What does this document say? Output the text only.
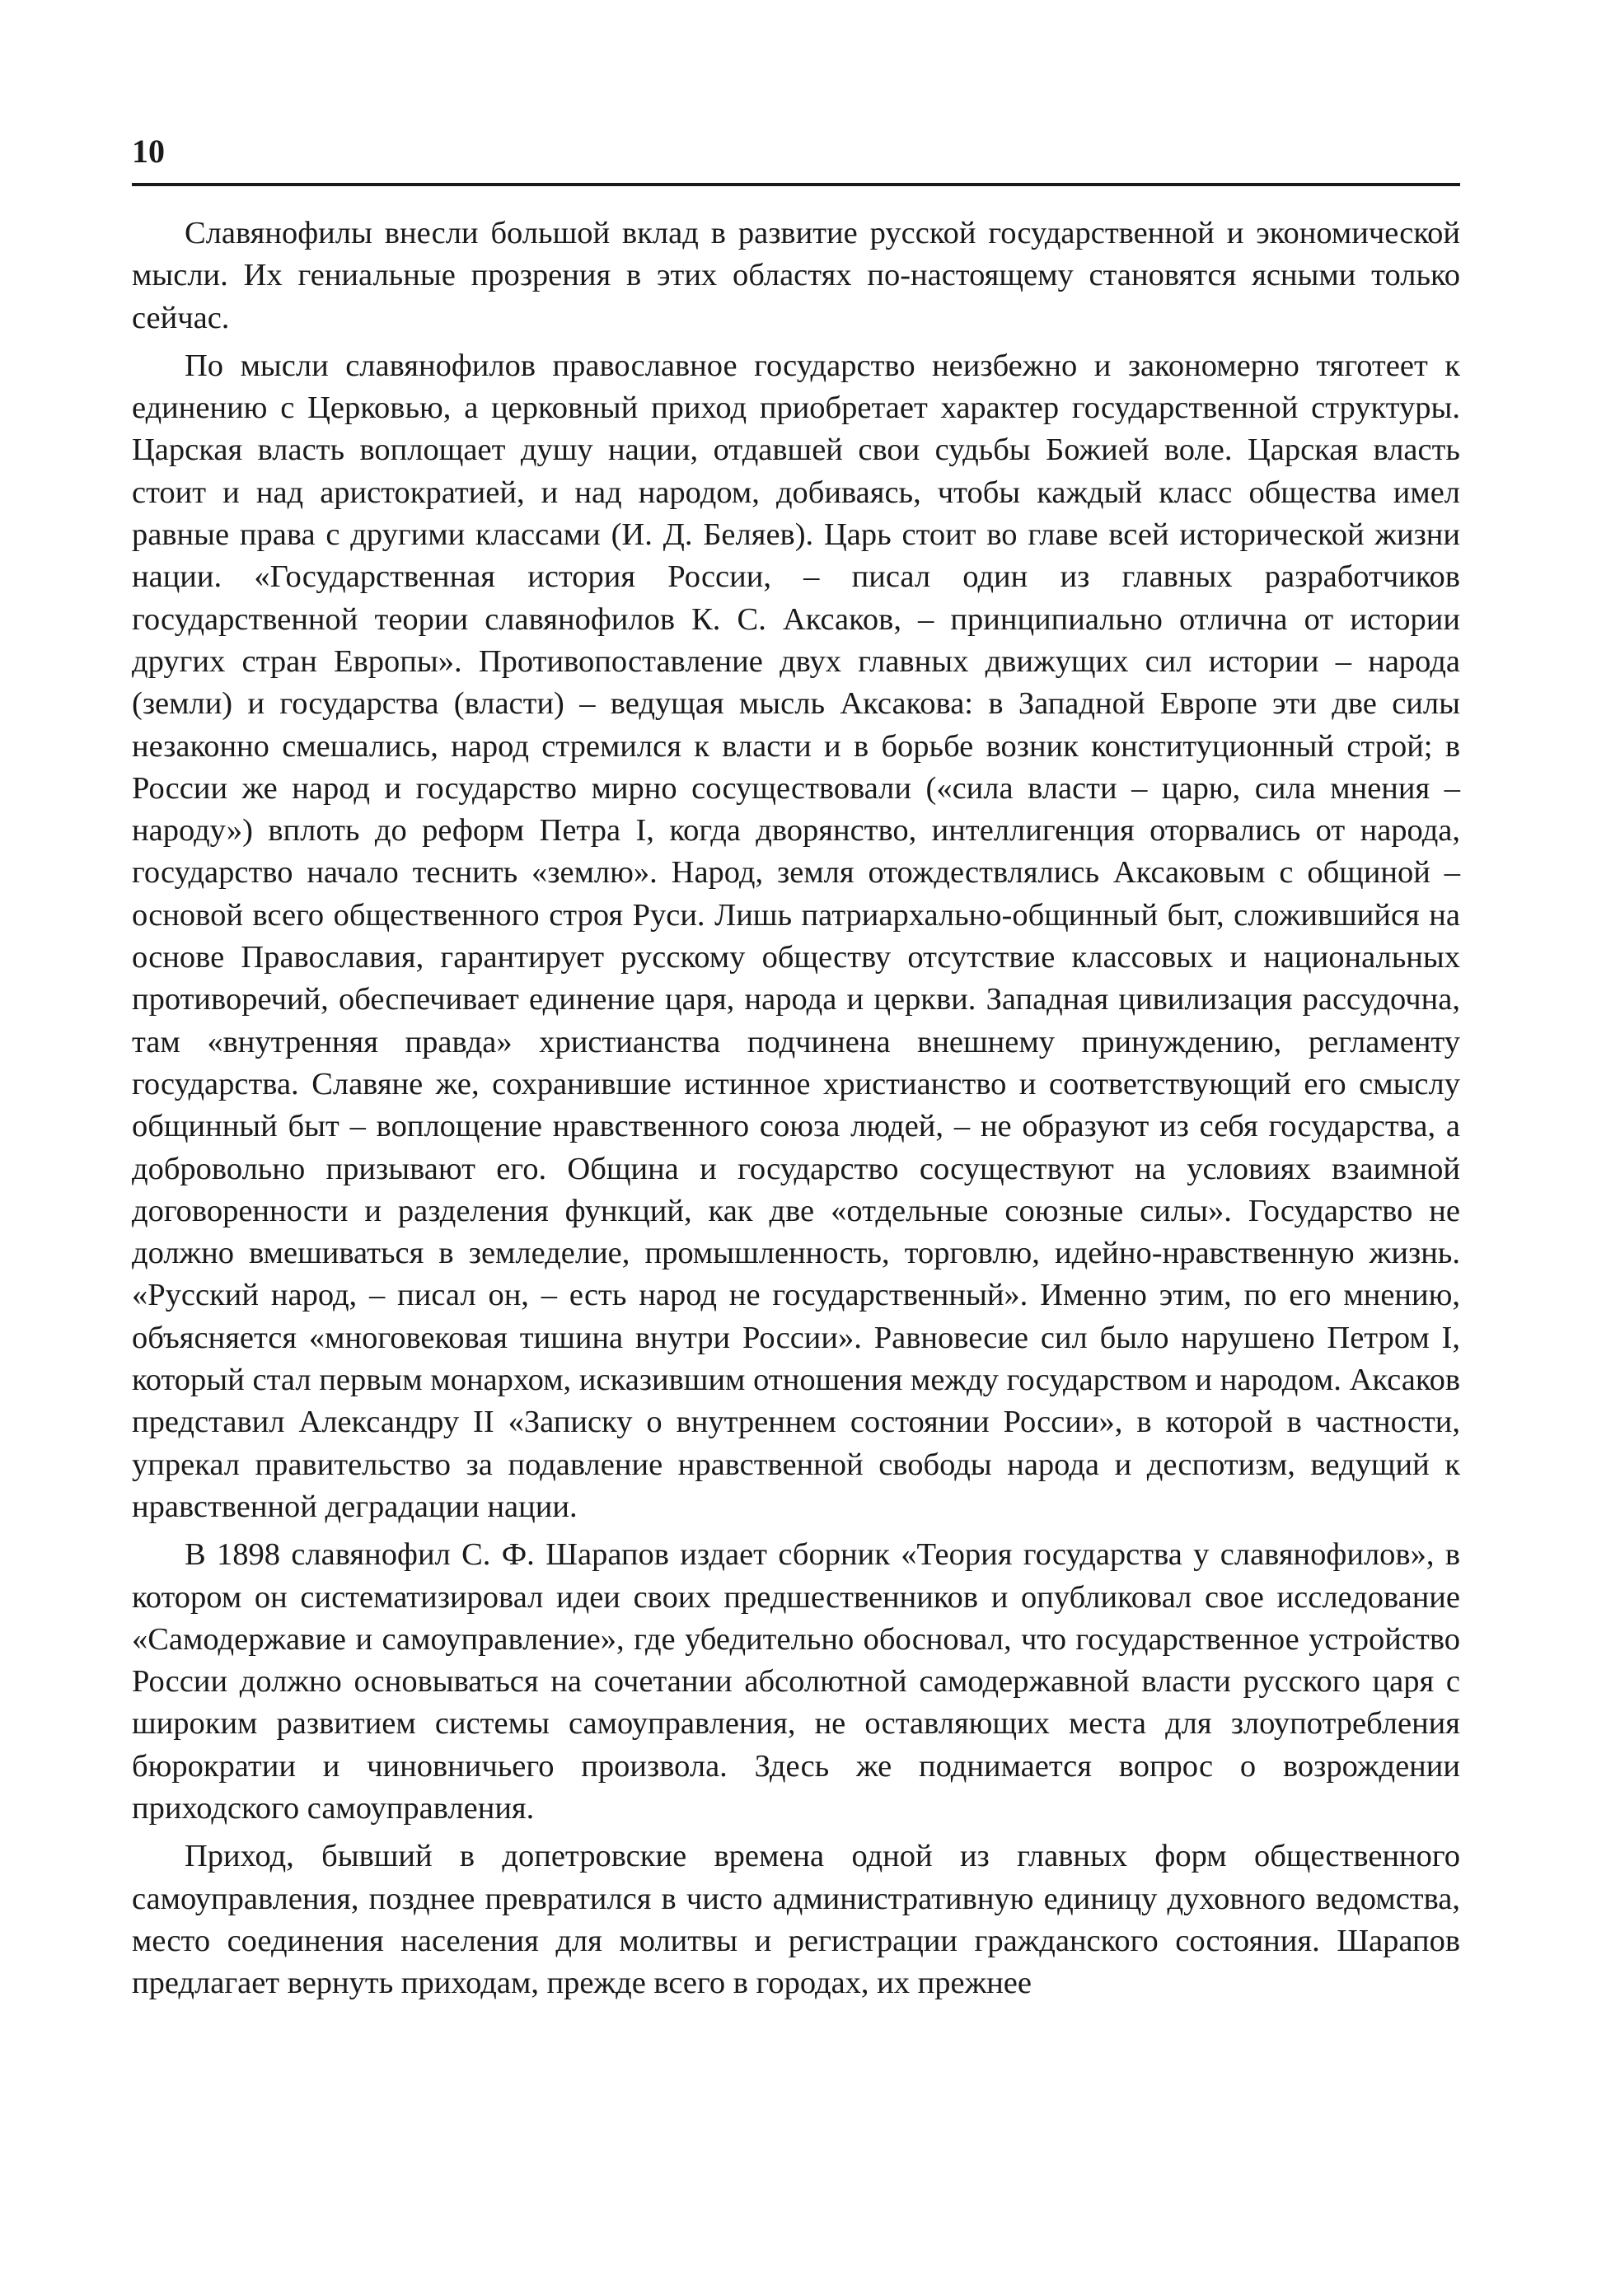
10

Славянофилы внесли большой вклад в развитие русской государственной и экономической мысли. Их гениальные прозрения в этих областях по-настоящему становятся ясными только сейчас.

По мысли славянофилов православное государство неизбежно и закономерно тяготеет к единению с Церковью, а церковный приход приобретает характер государственной структуры. Царская власть воплощает душу нации, отдавшей свои судьбы Божией воле. Царская власть стоит и над аристократией, и над народом, добиваясь, чтобы каждый класс общества имел равные права с другими классами (И. Д. Беляев). Царь стоит во главе всей исторической жизни нации. «Государственная история России, – писал один из главных разработчиков государственной теории славянофилов К. С. Аксаков, – принципиально отлична от истории других стран Европы». Противопоставление двух главных движущих сил истории – народа (земли) и государства (власти) – ведущая мысль Аксакова: в Западной Европе эти две силы незаконно смешались, народ стремился к власти и в борьбе возник конституционный строй; в России же народ и государство мирно сосуществовали («сила власти – царю, сила мнения – народу») вплоть до реформ Петра I, когда дворянство, интеллигенция оторвались от народа, государство начало теснить «землю». Народ, земля отождествлялись Аксаковым с общиной – основой всего общественного строя Руси. Лишь патриархально-общинный быт, сложившийся на основе Православия, гарантирует русскому обществу отсутствие классовых и национальных противоречий, обеспечивает единение царя, народа и церкви. Западная цивилизация рассудочна, там «внутренняя правда» христианства подчинена внешнему принуждению, регламенту государства. Славяне же, сохранившие истинное христианство и соответствующий его смыслу общинный быт – воплощение нравственного союза людей, – не образуют из себя государства, а добровольно призывают его. Община и государство сосуществуют на условиях взаимной договоренности и разделения функций, как две «отдельные союзные силы». Государство не должно вмешиваться в земледелие, промышленность, торговлю, идейно-нравственную жизнь. «Русский народ, – писал он, – есть народ не государственный». Именно этим, по его мнению, объясняется «многовековая тишина внутри России». Равновесие сил было нарушено Петром I, который стал первым монархом, исказившим отношения между государством и народом. Аксаков представил Александру II «Записку о внутреннем состоянии России», в которой в частности, упрекал правительство за подавление нравственной свободы народа и деспотизм, ведущий к нравственной деградации нации.

В 1898 славянофил С. Ф. Шарапов издает сборник «Теория государства у славянофилов», в котором он систематизировал идеи своих предшественников и опубликовал свое исследование «Самодержавие и самоуправление», где убедительно обосновал, что государственное устройство России должно основываться на сочетании абсолютной самодержавной власти русского царя с широким развитием системы самоуправления, не оставляющих места для злоупотребления бюрократии и чиновничьего произвола. Здесь же поднимается вопрос о возрождении приходского самоуправления.

Приход, бывший в допетровские времена одной из главных форм общественного самоуправления, позднее превратился в чисто административную единицу духовного ведомства, место соединения населения для молитвы и регистрации гражданского состояния. Шарапов предлагает вернуть приходам, прежде всего в городах, их прежнее
